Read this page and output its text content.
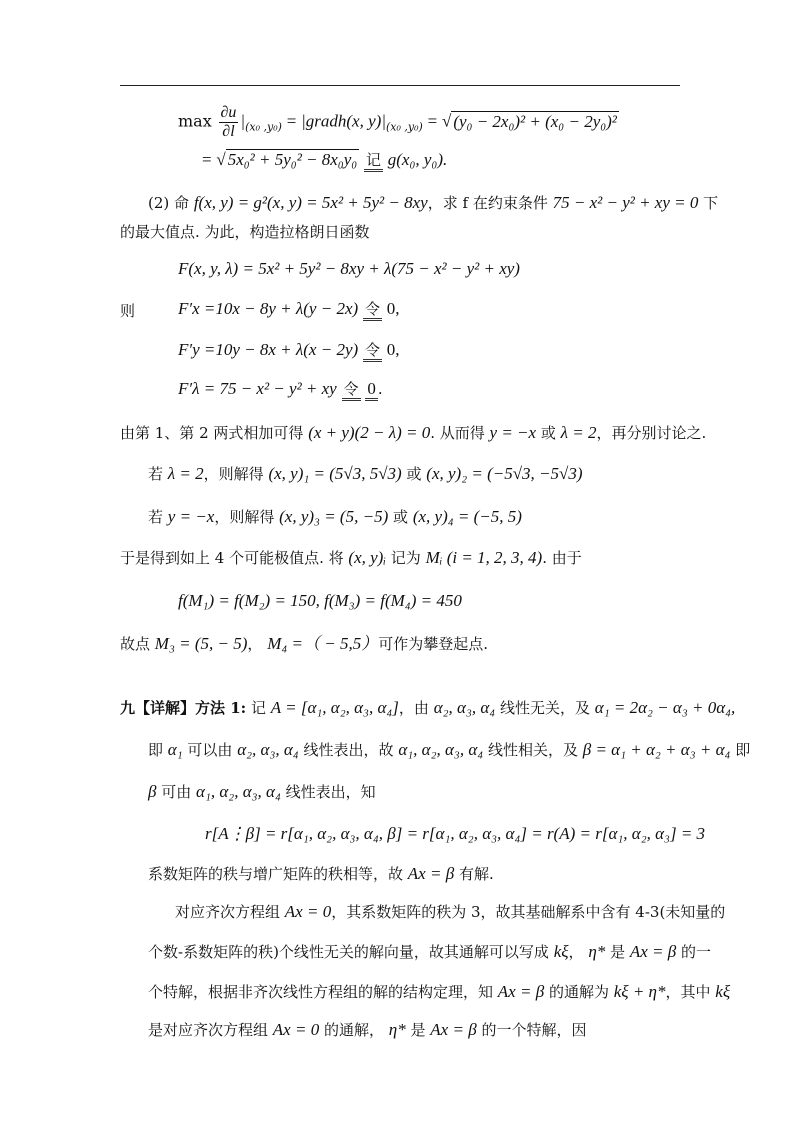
$\max \frac{\partial u}{\partial l} |_{(x_0 ,y_0)}$ = |gradh(x, $y)|_{(x_0 ,y_0)}$ = √ (y₀ − 2x₀)² + (x₀ − 2y₀)²
= √ 5x₀² + 5y₀² − 8x₀y₀ 记 g(x₀, y₀).
(2) 命 f(x, y) = g²(x, y) = 5x² + 5y² − 8xy，求 f 在约束条件 75 − x² − y² + xy = 0 下
的最大值点. 为此，构造拉格朗日函数
F(x, y, λ) = 5x² + 5y² − 8xy + λ(75 − x² − y² + xy)
则	F′x =10x − 8y + λ(y − 2x) 令 0,
F′y =10y − 8x + λ(x − 2y) 令 0,
F′λ = 75 − x² − y² + xy 令 0 .
由第 1、第 2 两式相加可得 (x + y)(2 − λ) = 0. 从而得 y = −x 或 λ = 2，再分别讨论之.
若 λ = 2，则解得 (x, y)₁ = (5√3, 5√3) 或 (x, y)₂ = (−5√3, −5√3)
若 y = −x，则解得 (x, y)₃ = (5, −5) 或 (x, y)₄ = (−5, 5)
于是得到如上 4 个可能极值点. 将 (x, y)ᵢ 记为 Mᵢ (i = 1, 2, 3, 4). 由于
f(M₁) = f(M₂) = 150, f(M₃) = f(M₄) = 450
故点 M₃ = (5, − 5)， M₄ =（ − 5,5）可作为攀登起点.
九【详解】方法 1: 记 A = [α₁, α₂, α₃, α₄]，由 α₂, α₃, α₄ 线性无关，及 α₁ = 2α₂ − α₃ + 0α₄,
即 α₁ 可以由 α₂, α₃, α₄ 线性表出，故 α₁, α₂, α₃, α₄ 线性相关，及 β = α₁ + α₂ + α₃ + α₄ 即
β 可由 α₁, α₂, α₃, α₄ 线性表出，知
r[A⋮β] = r[α₁, α₂, α₃, α₄, β] = r[α₁, α₂, α₃, α₄] = r(A) = r[α₁, α₂, α₃] = 3
系数矩阵的秩与增广矩阵的秩相等，故 Ax = β 有解.
对应齐次方程组 Ax = 0，其系数矩阵的秩为 3，故其基础解系中含有 4-3(未知量的
个数-系数矩阵的秩)个线性无关的解向量，故其通解可以写成 kξ， η* 是 Ax = β 的一
个特解，根据非齐次线性方程组的解的结构定理，知 Ax = β 的通解为 kξ + η*，其中 kξ
是对应齐次方程组 Ax = 0 的通解， η* 是 Ax = β 的一个特解，因
